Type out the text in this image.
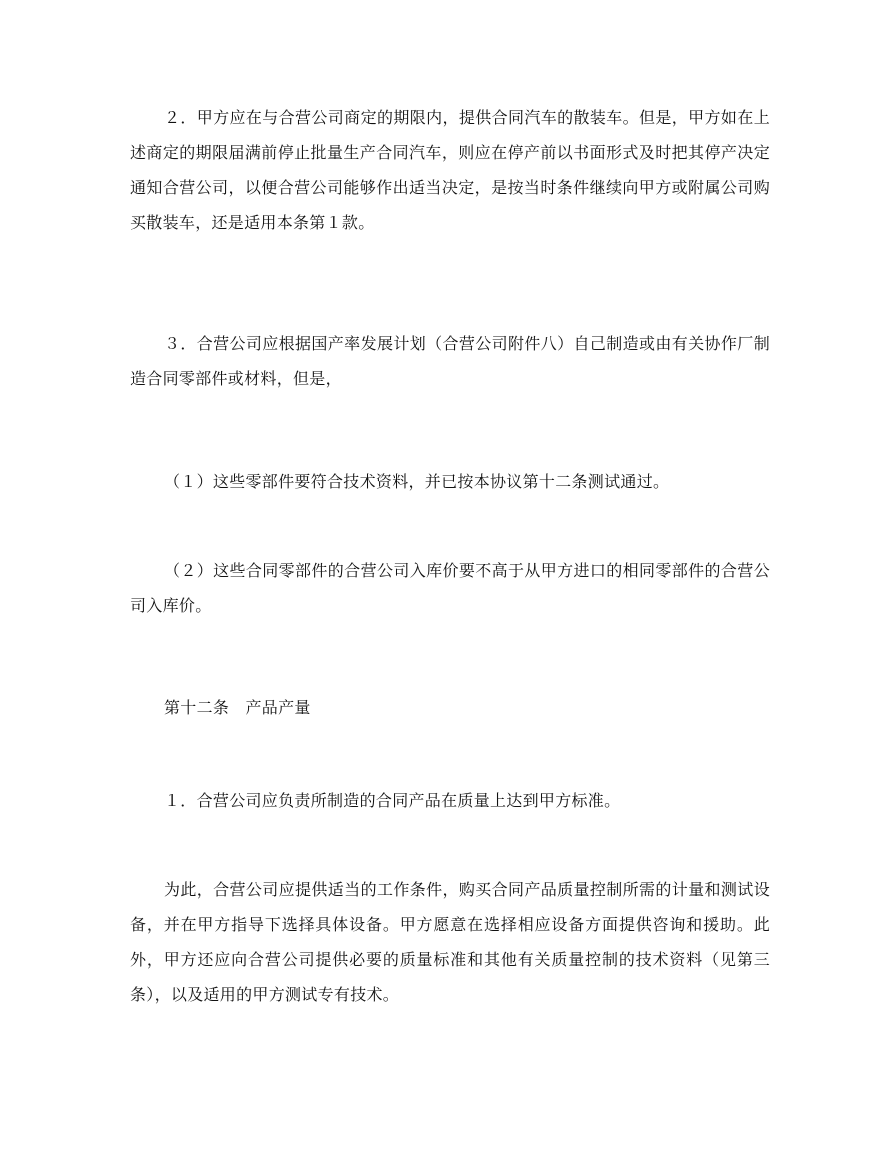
２．甲方应在与合营公司商定的期限内，提供合同汽车的散装车。但是，甲方如在上述商定的期限届满前停止批量生产合同汽车，则应在停产前以书面形式及时把其停产决定通知合营公司，以便合营公司能够作出适当决定，是按当时条件继续向甲方或附属公司购买散装车，还是适用本条第１款。

３．合营公司应根据国产率发展计划（合营公司附件八）自己制造或由有关协作厂制造合同零部件或材料，但是，

（１）这些零部件要符合技术资料，并已按本协议第十二条测试通过。

（２）这些合同零部件的合营公司入库价要不高于从甲方进口的相同零部件的合营公司入库价。

第十二条　产品产量

１．合营公司应负责所制造的合同产品在质量上达到甲方标准。

为此，合营公司应提供适当的工作条件，购买合同产品质量控制所需的计量和测试设备，并在甲方指导下选择具体设备。甲方愿意在选择相应设备方面提供咨询和援助。此外，甲方还应向合营公司提供必要的质量标准和其他有关质量控制的技术资料（见第三条），以及适用的甲方测试专有技术。
